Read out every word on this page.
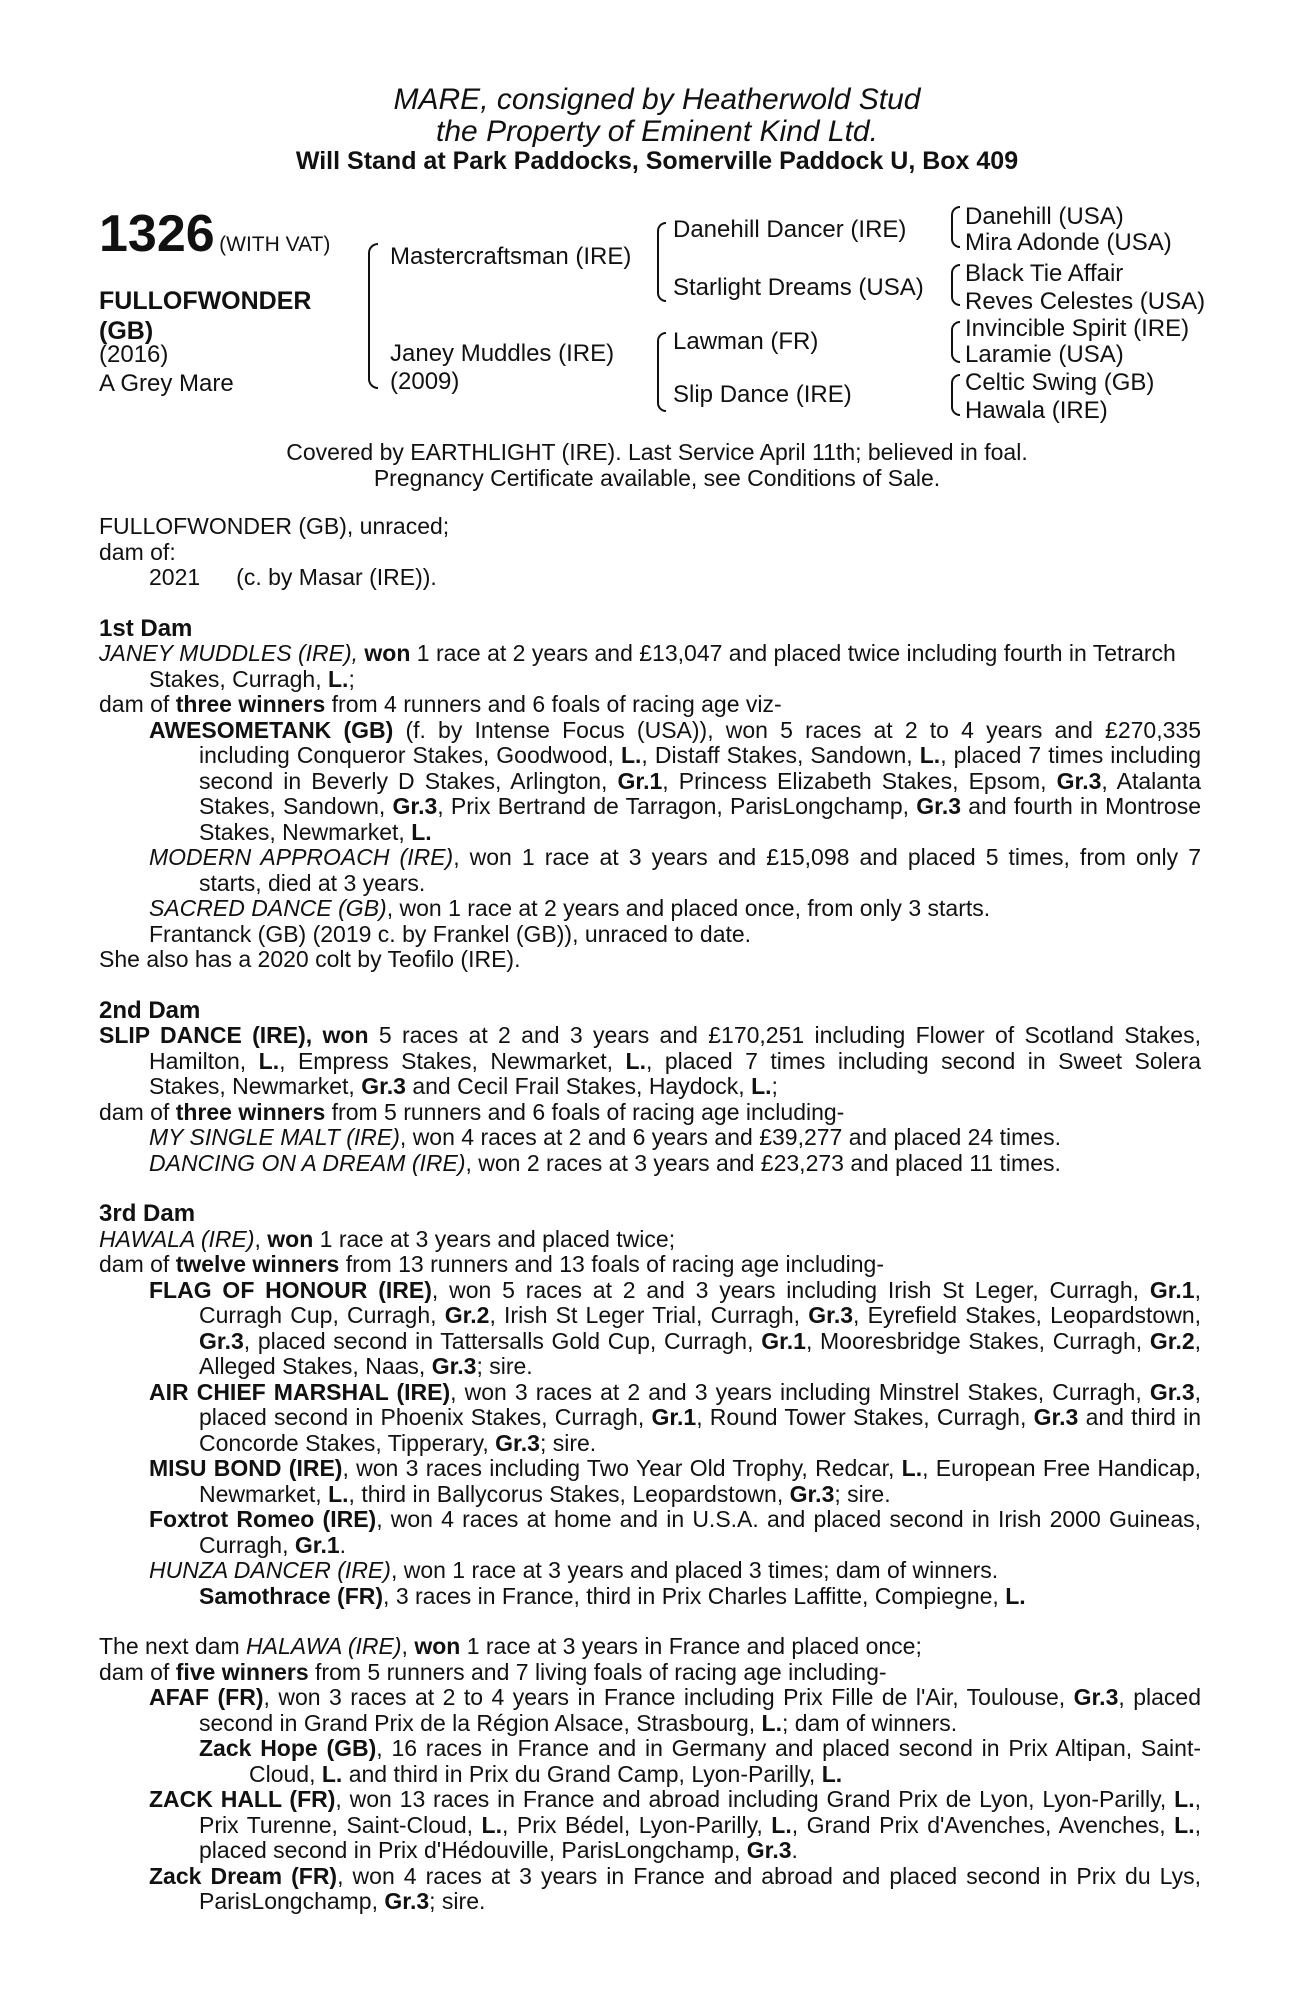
MARE, consigned by Heatherwold Stud
the Property of Eminent Kind Ltd.
Will Stand at Park Paddocks, Somerville Paddock U, Box 409
1326 (WITH VAT)
FULLOFWONDER
(GB)
(2016)
A Grey Mare
Mastercraftsman (IRE)
Janey Muddles (IRE)
(2009)
Danehill Dancer (IRE)
Starlight Dreams (USA)
Lawman (FR)
Slip Dance (IRE)
Danehill (USA)
Mira Adonde (USA)
Black Tie Affair
Reves Celestes (USA)
Invincible Spirit (IRE)
Laramie (USA)
Celtic Swing (GB)
Hawala (IRE)
Covered by EARTHLIGHT (IRE). Last Service April 11th; believed in foal.
Pregnancy Certificate available, see Conditions of Sale.

FULLOFWONDER (GB), unraced;

dam of:

2021 (c. by Masar (IRE)).

1st Dam

JANEY MUDDLES (IRE), won 1 race at 2 years and £13,047 and placed twice including fourth in Tetrarch Stakes, Curragh, L.;

dam of three winners from 4 runners and 6 foals of racing age viz-

AWESOMETANK (GB) (f. by Intense Focus (USA)), won 5 races at 2 to 4 years and £270,335 including Conqueror Stakes, Goodwood, L., Distaff Stakes, Sandown, L., placed 7 times including second in Beverly D Stakes, Arlington, Gr.1, Princess Elizabeth Stakes, Epsom, Gr.3, Atalanta Stakes, Sandown, Gr.3, Prix Bertrand de Tarragon, ParisLongchamp, Gr.3 and fourth in Montrose Stakes, Newmarket, L.

MODERN APPROACH (IRE), won 1 race at 3 years and £15,098 and placed 5 times, from only 7 starts, died at 3 years.

SACRED DANCE (GB), won 1 race at 2 years and placed once, from only 3 starts.

Frantanck (GB) (2019 c. by Frankel (GB)), unraced to date.

She also has a 2020 colt by Teofilo (IRE).

2nd Dam

SLIP DANCE (IRE), won 5 races at 2 and 3 years and £170,251 including Flower of Scotland Stakes, Hamilton, L., Empress Stakes, Newmarket, L., placed 7 times including second in Sweet Solera Stakes, Newmarket, Gr.3 and Cecil Frail Stakes, Haydock, L.;

dam of three winners from 5 runners and 6 foals of racing age including-

MY SINGLE MALT (IRE), won 4 races at 2 and 6 years and £39,277 and placed 24 times.

DANCING ON A DREAM (IRE), won 2 races at 3 years and £23,273 and placed 11 times.

3rd Dam

HAWALA (IRE), won 1 race at 3 years and placed twice;

dam of twelve winners from 13 runners and 13 foals of racing age including-

FLAG OF HONOUR (IRE), won 5 races at 2 and 3 years including Irish St Leger, Curragh, Gr.1, Curragh Cup, Curragh, Gr.2, Irish St Leger Trial, Curragh, Gr.3, Eyrefield Stakes, Leopardstown, Gr.3, placed second in Tattersalls Gold Cup, Curragh, Gr.1, Mooresbridge Stakes, Curragh, Gr.2, Alleged Stakes, Naas, Gr.3; sire.

AIR CHIEF MARSHAL (IRE), won 3 races at 2 and 3 years including Minstrel Stakes, Curragh, Gr.3, placed second in Phoenix Stakes, Curragh, Gr.1, Round Tower Stakes, Curragh, Gr.3 and third in Concorde Stakes, Tipperary, Gr.3; sire.

MISU BOND (IRE), won 3 races including Two Year Old Trophy, Redcar, L., European Free Handicap, Newmarket, L., third in Ballycorus Stakes, Leopardstown, Gr.3; sire.

Foxtrot Romeo (IRE), won 4 races at home and in U.S.A. and placed second in Irish 2000 Guineas, Curragh, Gr.1.

HUNZA DANCER (IRE), won 1 race at 3 years and placed 3 times; dam of winners.

Samothrace (FR), 3 races in France, third in Prix Charles Laffitte, Compiegne, L.

The next dam HALAWA (IRE), won 1 race at 3 years in France and placed once;

dam of five winners from 5 runners and 7 living foals of racing age including-

AFAF (FR), won 3 races at 2 to 4 years in France including Prix Fille de l'Air, Toulouse, Gr.3, placed second in Grand Prix de la Région Alsace, Strasbourg, L.; dam of winners.

Zack Hope (GB), 16 races in France and in Germany and placed second in Prix Altipan, Saint-Cloud, L. and third in Prix du Grand Camp, Lyon-Parilly, L.

ZACK HALL (FR), won 13 races in France and abroad including Grand Prix de Lyon, Lyon-Parilly, L., Prix Turenne, Saint-Cloud, L., Prix Bédel, Lyon-Parilly, L., Grand Prix d'Avenches, Avenches, L., placed second in Prix d'Hédouville, ParisLongchamp, Gr.3.

Zack Dream (FR), won 4 races at 3 years in France and abroad and placed second in Prix du Lys, ParisLongchamp, Gr.3; sire.
